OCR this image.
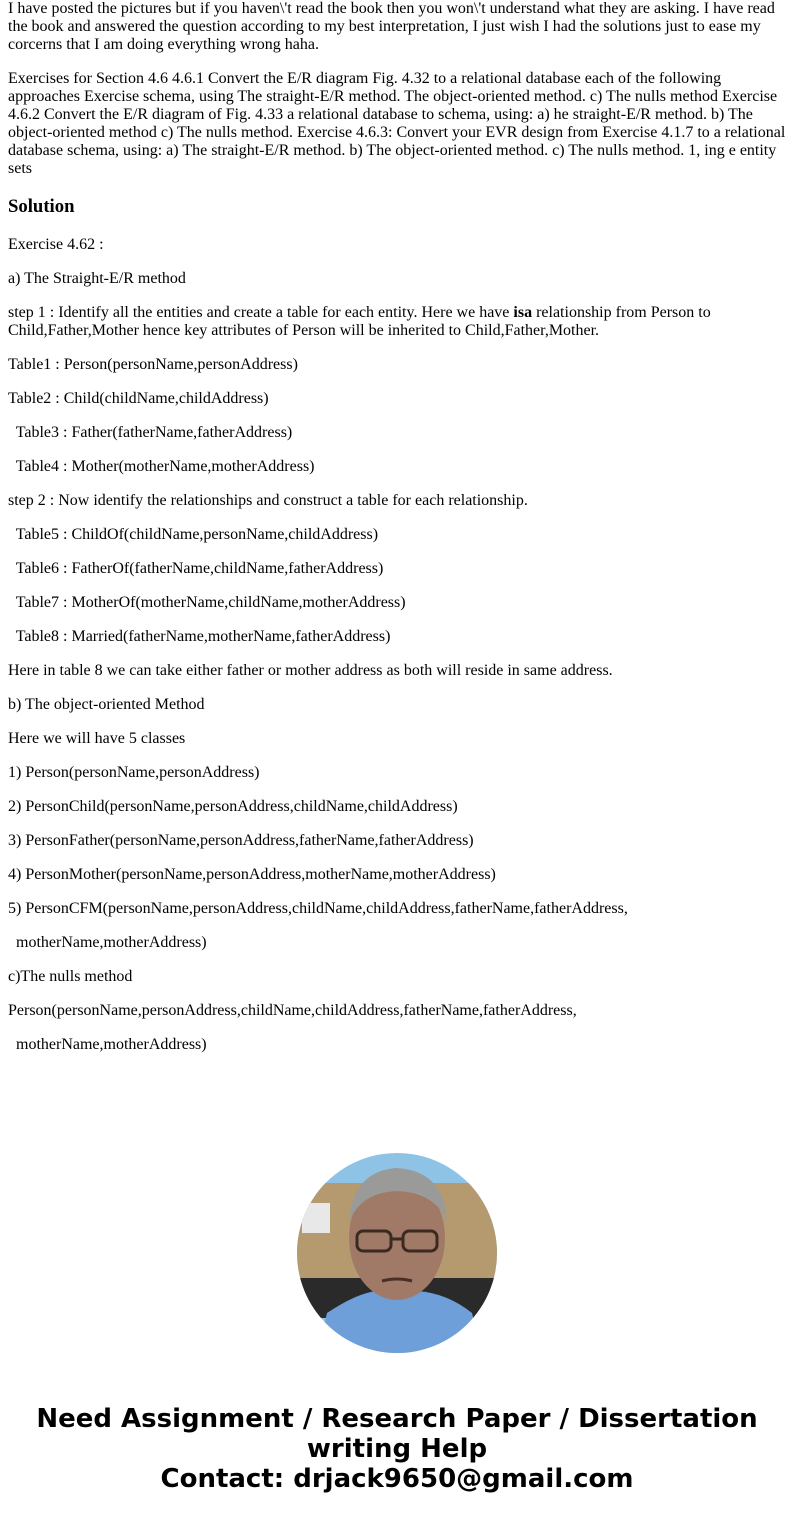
I have posted the pictures but if you haven\'t read the book then you won\'t understand what they are asking. I have read the book and answered the question according to my best interpretation, I just wish I had the solutions just to ease my corcerns that I am doing everything wrong haha.

Exercises for Section 4.6 4.6.1 Convert the E/R diagram Fig. 4.32 to a relational database each of the following approaches Exercise schema, using The straight-E/R method. The object-oriented method. c) The nulls method Exercise 4.6.2 Convert the E/R diagram of Fig. 4.33 a relational database to schema, using: a) he straight-E/R method. b) The object-oriented method c) The nulls method. Exercise 4.6.3: Convert your EVR design from Exercise 4.1.7 to a relational database schema, using: a) The straight-E/R method. b) The object-oriented method. c) The nulls method. 1, ing e entity sets

Solution

Exercise 4.62 :

a) The Straight-E/R method

step 1 : Identify all the entities and create a table for each entity. Here we have isa relationship from Person to Child,Father,Mother hence key attributes of Person will be inherited to Child,Father,Mother.

Table1 : Person(personName,personAddress)

Table2 : Child(childName,childAddress)

Table3 : Father(fatherName,fatherAddress)

Table4 : Mother(motherName,motherAddress)

step 2 : Now identify the relationships and construct a table for each relationship.

Table5 : ChildOf(childName,personName,childAddress)

Table6 : FatherOf(fatherName,childName,fatherAddress)

Table7 : MotherOf(motherName,childName,motherAddress)

Table8 : Married(fatherName,motherName,fatherAddress)

Here in table 8 we can take either father or mother address as both will reside in same address.

b) The object-oriented Method

Here we will have 5 classes

1) Person(personName,personAddress)

2) PersonChild(personName,personAddress,childName,childAddress)

3) PersonFather(personName,personAddress,fatherName,fatherAddress)

4) PersonMother(personName,personAddress,motherName,motherAddress)

5) PersonCFM(personName,personAddress,childName,childAddress,fatherName,fatherAddress,

motherName,motherAddress)

c)The nulls method

Person(personName,personAddress,childName,childAddress,fatherName,fatherAddress,

motherName,motherAddress)

Need Assignment / Research Paper / Dissertation writing Help
Contact: drjack9650@gmail.com
